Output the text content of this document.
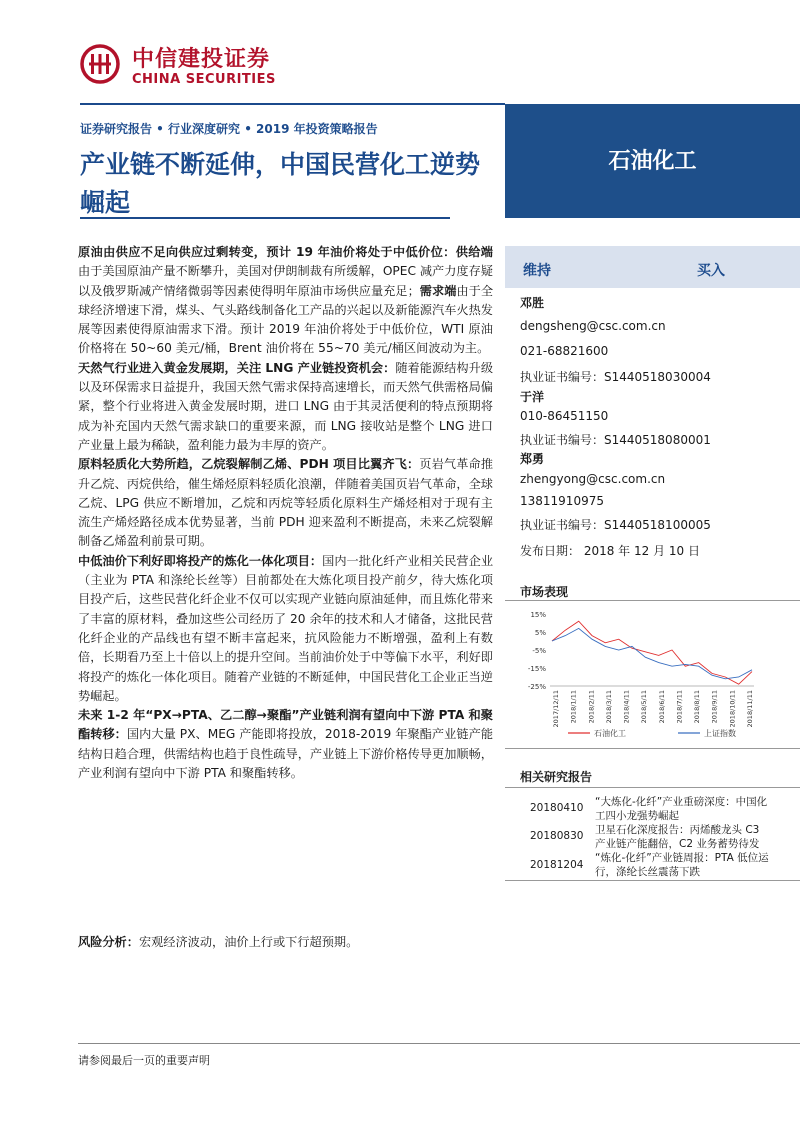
中信建投证券
CHINA SECURITIES
证券研究报告 • 行业深度研究 • 2019 年投资策略报告
产业链不断延伸，中国民营化工逆势崛起
石油化工

原油由供应不足向供应过剩转变，预计 19 年油价将处于中低价位：供给端由于美国原油产量不断攀升，美国对伊朗制裁有所缓解，OPEC 减产力度存疑以及俄罗斯减产情绪微弱等因素使得明年原油市场供应量充足；需求端由于全球经济增速下滑，煤头、气头路线制备化工产品的兴起以及新能源汽车火热发展等因素使得原油需求下滑。预计 2019 年油价将处于中低价位，WTI 原油价格将在 50~60 美元/桶，Brent 油价将在 55~70 美元/桶区间波动为主。

天然气行业进入黄金发展期，关注 LNG 产业链投资机会：随着能源结构升级以及环保需求日益提升，我国天然气需求保持高速增长，而天然气供需格局偏紧，整个行业将进入黄金发展时期，进口 LNG 由于其灵活便利的特点预期将成为补充国内天然气需求缺口的重要来源，而 LNG 接收站是整个 LNG 进口产业量上最为稀缺，盈利能力最为丰厚的资产。

原料轻质化大势所趋，乙烷裂解制乙烯、PDH 项目比翼齐飞：页岩气革命推升乙烷、丙烷供给，催生烯烃原料轻质化浪潮，伴随着美国页岩气革命，全球乙烷、LPG 供应不断增加，乙烷和丙烷等轻质化原料生产烯烃相对于现有主流生产烯烃路径成本优势显著，当前 PDH 迎来盈利不断提高，未来乙烷裂解制备乙烯盈利前景可期。

中低油价下利好即将投产的炼化一体化项目：国内一批化纤产业相关民营企业（主业为 PTA 和涤纶长丝等）目前都处在大炼化项目投产前夕，待大炼化项目投产后，这些民营化纤企业不仅可以实现产业链向原油延伸，而且炼化带来了丰富的原材料，叠加这些公司经历了 20 余年的技术和人才储备，这批民营化纤企业的产品线也有望不断丰富起来，抗风险能力不断增强，盈利上有数倍，长期看乃至上十倍以上的提升空间。当前油价处于中等偏下水平，利好即将投产的炼化一体化项目。随着产业链的不断延伸，中国民营化工企业正当逆势崛起。

未来 1-2 年“PX→PTA、乙二醇→聚酯”产业链利润有望向中下游 PTA 和聚酯转移：国内大量 PX、MEG 产能即将投放，2018-2019 年聚酯产业链产能结构日趋合理，供需结构也趋于良性疏导，产业链上下游价格传导更加顺畅，产业利润有望向中下游 PTA 和聚酯转移。

风险分析：宏观经济波动，油价上行或下行超预期。
维持	买入
邓胜
dengsheng@csc.com.cn
021-68821600
执业证书编号：S1440518030004
于洋
010-86451150
执业证书编号：S1440518080001
郑勇
zhengyong@csc.com.cn
13811910975
执业证书编号：S1440518100005
发布日期： 2018 年 12 月 10 日
市场表现
15%
5%
-5%
-15%
-25%
2017/12/11 2018/1/11 2018/2/11 2018/3/11 2018/4/11 2018/5/11 2018/6/11 2018/7/11 2018/8/11 2018/9/11 2018/10/11 2018/11/11
石油化工	上证指数
相关研究报告
20180410 “大炼化-化纤”产业重磅深度：中国化工四小龙强势崛起
20180830 卫星石化深度报告：丙烯酸龙头 C3 产业链产能翻倍，C2 业务蓄势待发
20181204
“炼化-化纤”产业链周报：PTA 低位运行，涤纶长丝震荡下跌
请参阅最后一页的重要声明
